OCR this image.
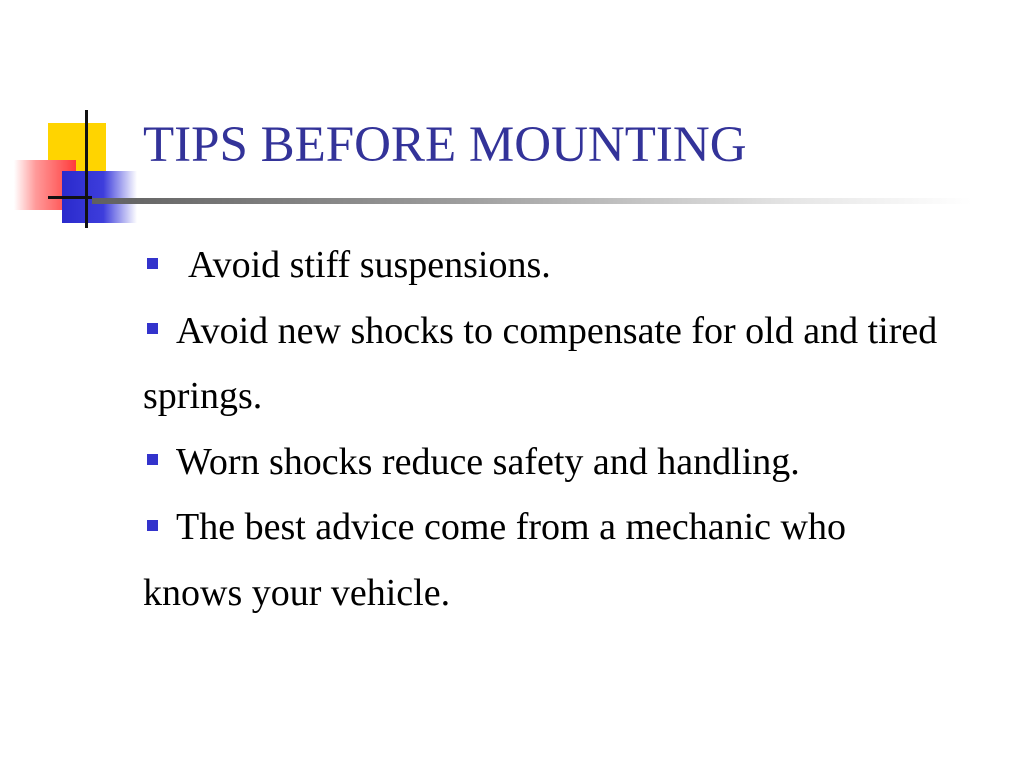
TIPS BEFORE MOUNTING
Avoid stiff suspensions.
Avoid new shocks to compensate for old and tired springs.
Worn shocks reduce safety and handling.
The best advice come from a mechanic who knows your vehicle.
